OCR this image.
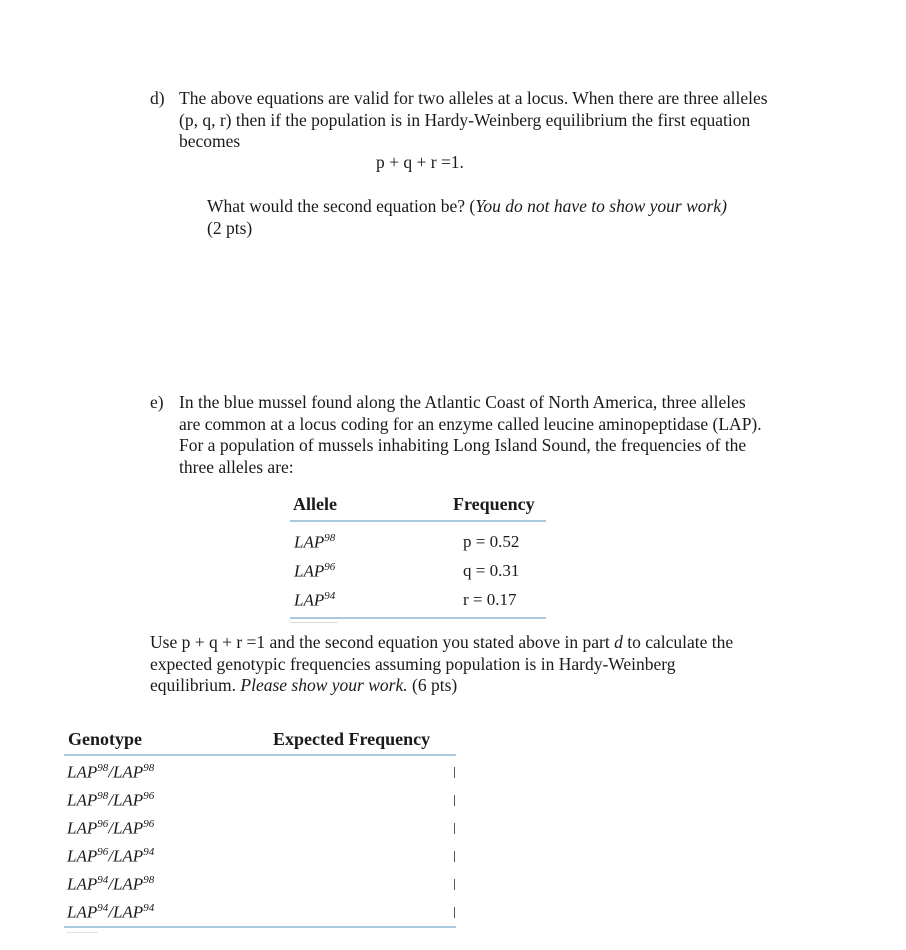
d) The above equations are valid for two alleles at a locus. When there are three alleles
(p, q, r) then if the population is in Hardy-Weinberg equilibrium the first equation
becomes
p + q + r =1.
What would the second equation be? (You do not have to show your work)
(2 pts)
e) In the blue mussel found along the Atlantic Coast of North America, three alleles
are common at a locus coding for an enzyme called leucine aminopeptidase (LAP).
For a population of mussels inhabiting Long Island Sound, the frequencies of the
three alleles are:
Allele	Frequency
LAP$^{98}$	p = 0.52
LAP$^{96}$	q = 0.31
LAP$^{94}$	r = 0.17
Use p + q + r =1 and the second equation you stated above in part d to calculate the
expected genotypic frequencies assuming population is in Hardy-Weinberg
equilibrium. Please show your work. (6 pts)
Genotype	Expected Frequency
LAP$^{98}$/LAP$^{98}$
LAP$^{98}$/LAP$^{96}$
LAP$^{96}$/LAP$^{96}$
LAP$^{96}$/LAP$^{94}$
LAP$^{94}$/LAP$^{98}$
LAP$^{94}$/LAP$^{94}$
————————
